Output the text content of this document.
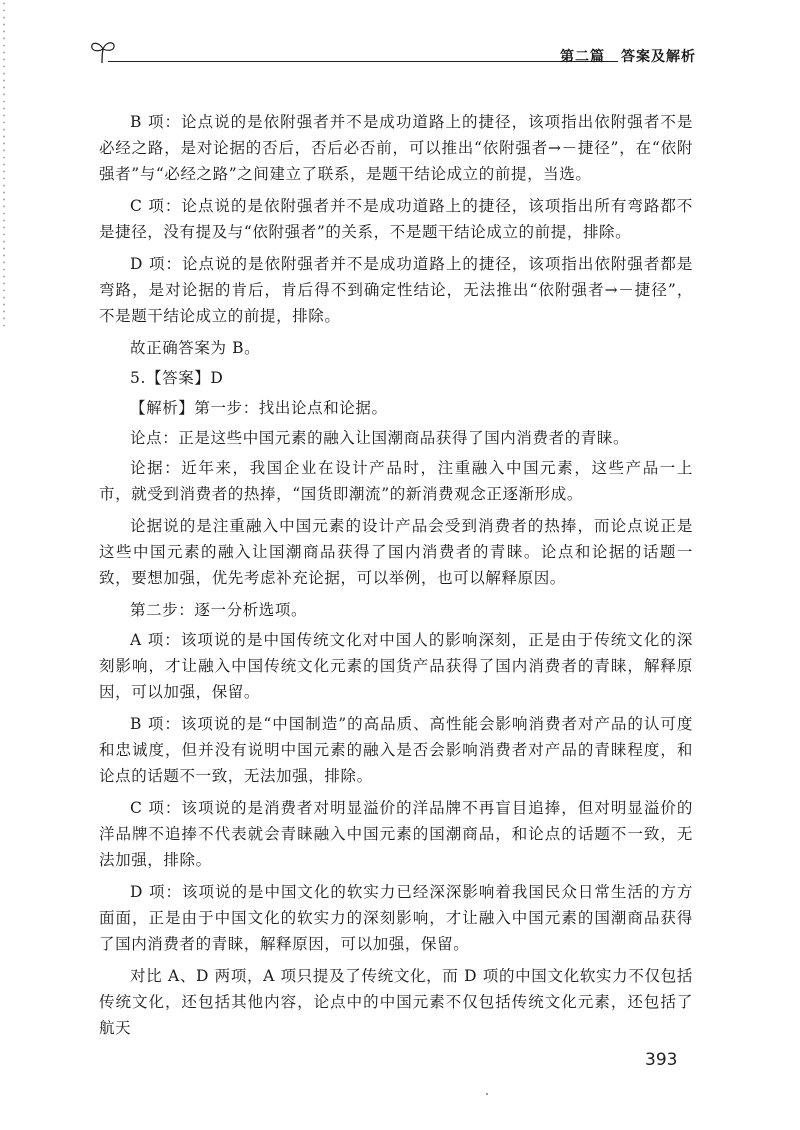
第二篇 答案及解析

B 项：论点说的是依附强者并不是成功道路上的捷径，该项指出依附强者不是必经之路，是对论据的否后，否后必否前，可以推出“依附强者→－捷径”，在“依附强者”与“必经之路”之间建立了联系，是题干结论成立的前提，当选。

C 项：论点说的是依附强者并不是成功道路上的捷径，该项指出所有弯路都不是捷径，没有提及与“依附强者”的关系，不是题干结论成立的前提，排除。

D 项：论点说的是依附强者并不是成功道路上的捷径，该项指出依附强者都是弯路，是对论据的肯后，肯后得不到确定性结论，无法推出“依附强者→－捷径”，不是题干结论成立的前提，排除。

故正确答案为 B。

5.【答案】D

【解析】第一步：找出论点和论据。

论点：正是这些中国元素的融入让国潮商品获得了国内消费者的青睐。

论据：近年来，我国企业在设计产品时，注重融入中国元素，这些产品一上市，就受到消费者的热捧，“国货即潮流”的新消费观念正逐渐形成。

论据说的是注重融入中国元素的设计产品会受到消费者的热捧，而论点说正是这些中国元素的融入让国潮商品获得了国内消费者的青睐。论点和论据的话题一致，要想加强，优先考虑补充论据，可以举例，也可以解释原因。

第二步：逐一分析选项。

A 项：该项说的是中国传统文化对中国人的影响深刻，正是由于传统文化的深刻影响，才让融入中国传统文化元素的国货产品获得了国内消费者的青睐，解释原因，可以加强，保留。

B 项：该项说的是“中国制造”的高品质、高性能会影响消费者对产品的认可度和忠诚度，但并没有说明中国元素的融入是否会影响消费者对产品的青睐程度，和论点的话题不一致，无法加强，排除。

C 项：该项说的是消费者对明显溢价的洋品牌不再盲目追捧，但对明显溢价的洋品牌不追捧不代表就会青睐融入中国元素的国潮商品，和论点的话题不一致，无法加强，排除。

D 项：该项说的是中国文化的软实力已经深深影响着我国民众日常生活的方方面面，正是由于中国文化的软实力的深刻影响，才让融入中国元素的国潮商品获得了国内消费者的青睐，解释原因，可以加强，保留。

对比 A、D 两项，A 项只提及了传统文化，而 D 项的中国文化软实力不仅包括传统文化，还包括其他内容，论点中的中国元素不仅包括传统文化元素，还包括了航天

393
